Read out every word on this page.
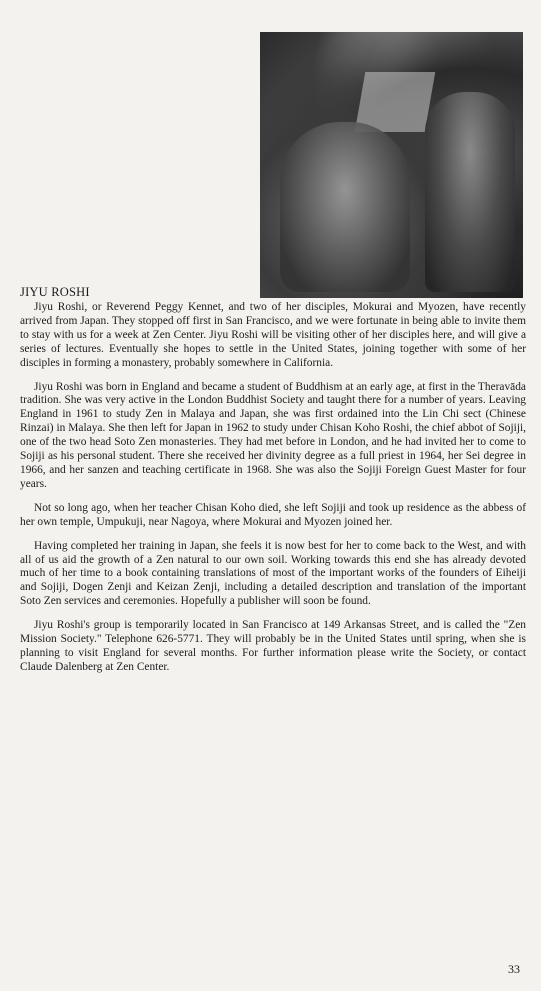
JIYU ROSHI

Jiyu Roshi, or Reverend Peggy Kennet, and two of her disciples, Mokurai and Myozen, have recently arrived from Japan. They stopped off first in San Francisco, and we were fortunate in being able to invite them to stay with us for a week at Zen Center. Jiyu Roshi will be visiting other of her disciples here, and will give a series of lectures. Eventually she hopes to settle in the United States, joining together with some of her disciples in forming a monastery, probably somewhere in California.

Jiyu Roshi was born in England and became a student of Buddhism at an early age, at first in the Theravāda tradition. She was very active in the London Buddhist Society and taught there for a number of years. Leaving England in 1961 to study Zen in Malaya and Japan, she was first ordained into the Lin Chi sect (Chinese Rinzai) in Malaya. She then left for Japan in 1962 to study under Chisan Koho Roshi, the chief abbot of Sojiji, one of the two head Soto Zen monasteries. They had met before in London, and he had invited her to come to Sojiji as his personal student. There she received her divinity degree as a full priest in 1964, her Sei degree in 1966, and her sanzen and teaching certificate in 1968. She was also the Sojiji Foreign Guest Master for four years.

Not so long ago, when her teacher Chisan Koho died, she left Sojiji and took up residence as the abbess of her own temple, Umpukuji, near Nagoya, where Mokurai and Myozen joined her.

Having completed her training in Japan, she feels it is now best for her to come back to the West, and with all of us aid the growth of a Zen natural to our own soil. Working towards this end she has already devoted much of her time to a book containing translations of most of the important works of the founders of Eiheiji and Sojiji, Dogen Zenji and Keizan Zenji, including a detailed description and translation of the important Soto Zen services and ceremonies. Hopefully a publisher will soon be found.

Jiyu Roshi's group is temporarily located in San Francisco at 149 Arkansas Street, and is called the "Zen Mission Society." Telephone 626-5771. They will probably be in the United States until spring, when she is planning to visit England for several months. For further information please write the Society, or contact Claude Dalenberg at Zen Center.

33
